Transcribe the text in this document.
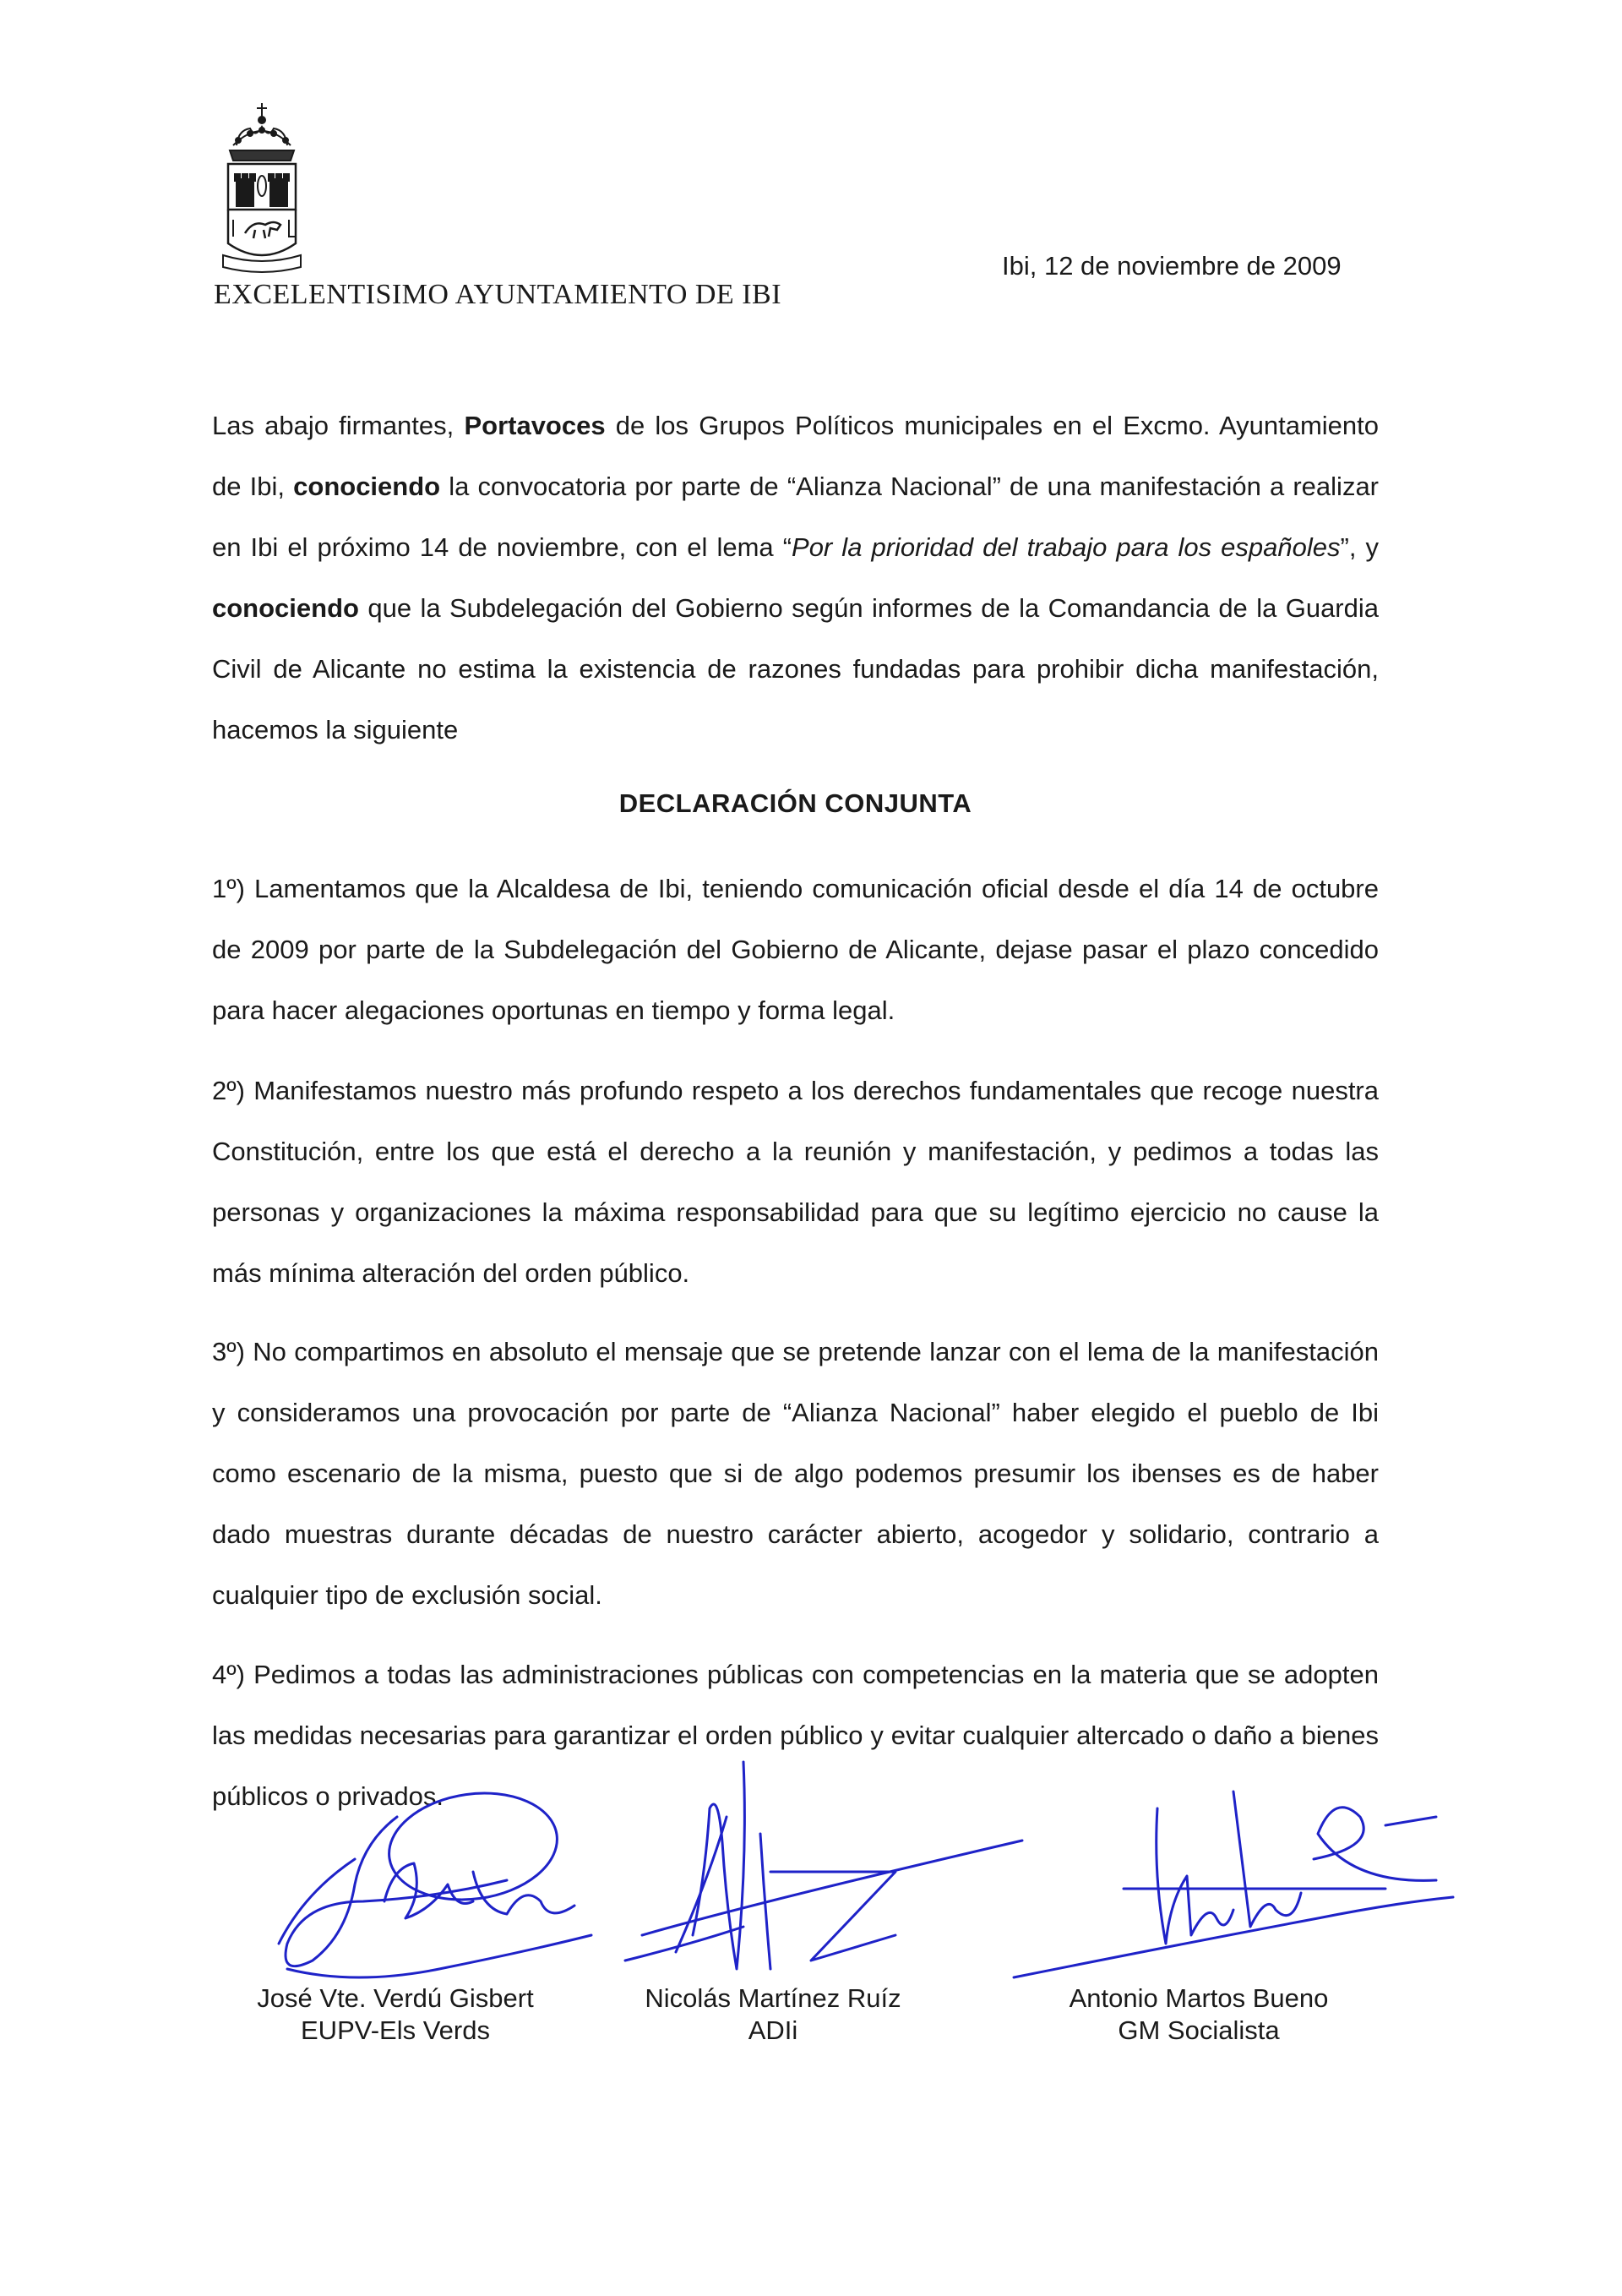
EXCELENTISIMO AYUNTAMIENTO DE IBI
Ibi, 12 de noviembre de 2009
Las abajo firmantes, Portavoces de los Grupos Políticos municipales en el Excmo. Ayuntamiento de Ibi, conociendo la convocatoria por parte de “Alianza Nacional” de una manifestación a realizar en Ibi el próximo 14 de noviembre, con el lema “Por la prioridad del trabajo para los españoles”, y conociendo que la Subdelegación del Gobierno según informes de la Comandancia de la Guardia Civil de Alicante no estima la existencia de razones fundadas para prohibir dicha manifestación, hacemos la siguiente
DECLARACIÓN CONJUNTA
1º) Lamentamos que la Alcaldesa de Ibi, teniendo comunicación oficial desde el día 14 de octubre de 2009 por parte de la Subdelegación del Gobierno de Alicante, dejase pasar el plazo concedido para hacer alegaciones oportunas en tiempo y forma legal.
2º) Manifestamos nuestro más profundo respeto a los derechos fundamentales que recoge nuestra Constitución, entre los que está el derecho a la reunión y manifestación, y pedimos a todas las personas y organizaciones la máxima responsabilidad para que su legítimo ejercicio no cause la más mínima alteración del orden público.
3º) No compartimos en absoluto el mensaje que se pretende lanzar con el lema de la manifestación y consideramos una provocación por parte de “Alianza Nacional” haber elegido el pueblo de Ibi como escenario de la misma, puesto que si de algo podemos presumir los ibenses es de haber dado muestras durante décadas de nuestro carácter abierto, acogedor y solidario, contrario a cualquier tipo de exclusión social.
4º) Pedimos a todas las administraciones públicas con competencias en la materia que se adopten las medidas necesarias para garantizar el orden público y evitar cualquier altercado o daño a bienes públicos o privados.
José Vte. Verdú Gisbert
EUPV-Els Verds
Nicolás Martínez Ruíz
ADIi
Antonio Martos Bueno
GM Socialista
